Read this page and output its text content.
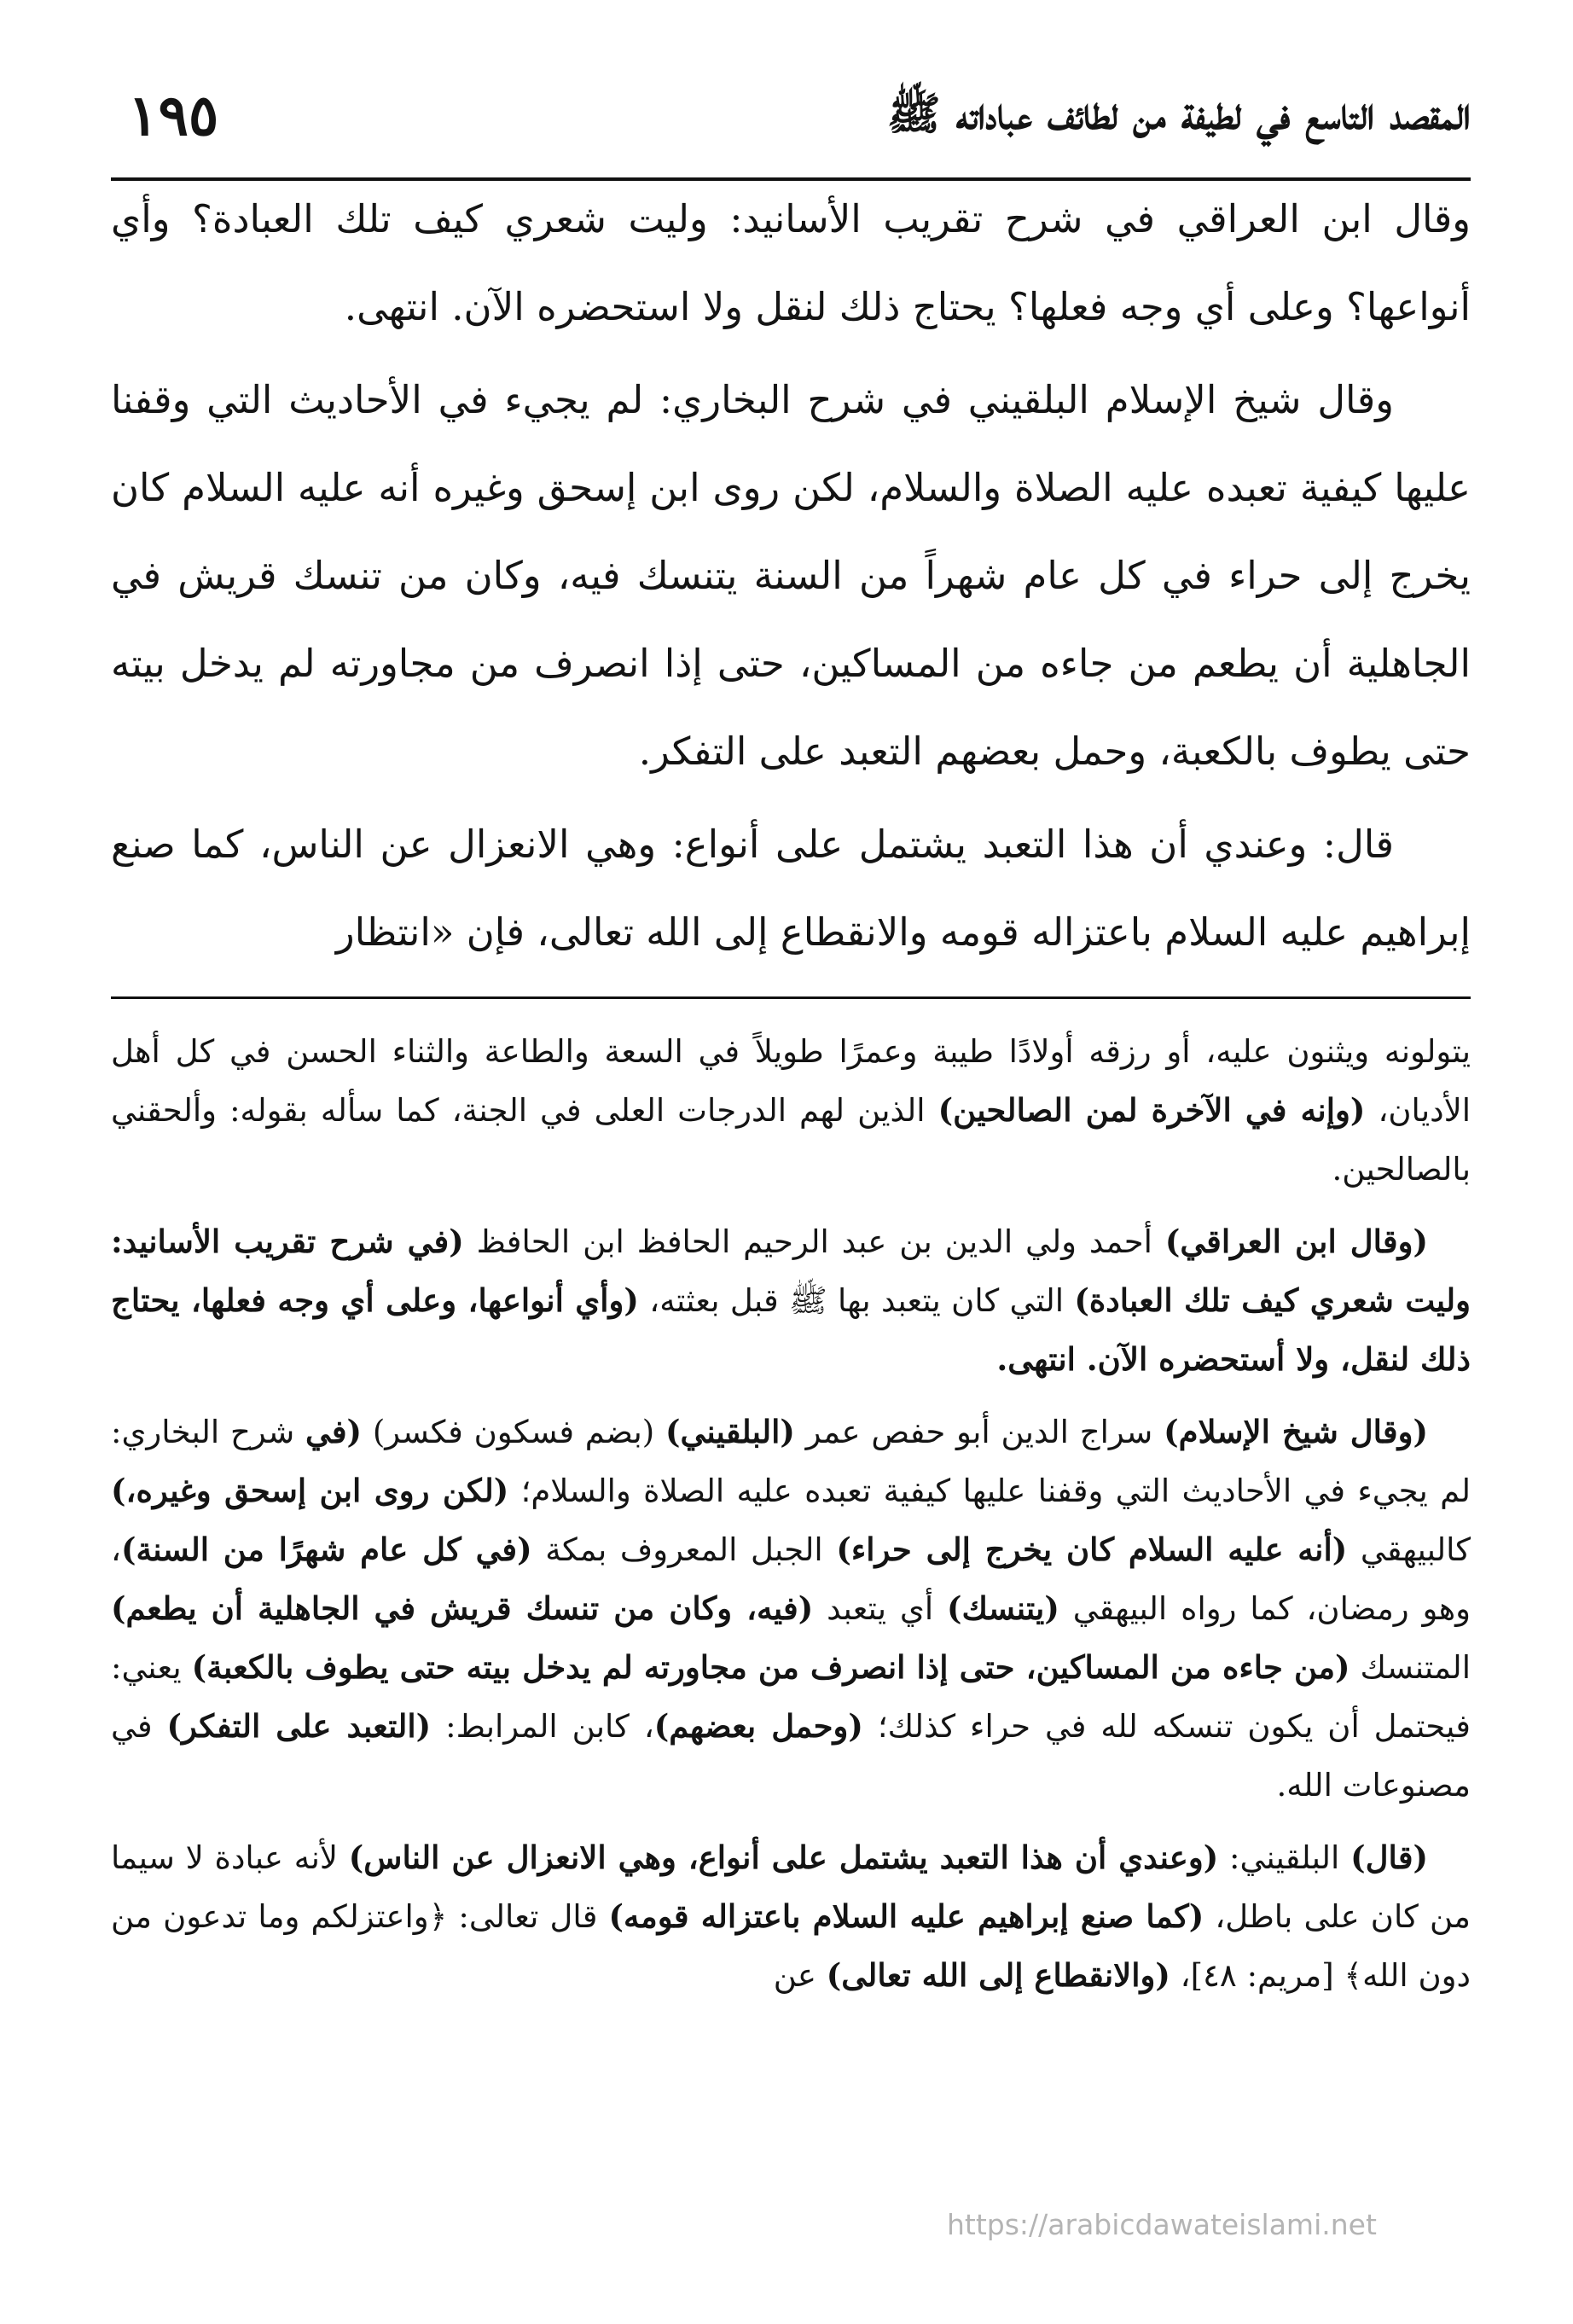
١٩٥	المقصد التاسع في لطيفة من لطائف عباداته ﷺ

وقال ابن العراقي في شرح تقريب الأسانيد: وليت شعري كيف تلك العبادة؟ وأي أنواعها؟ وعلى أي وجه فعلها؟ يحتاج ذلك لنقل ولا استحضره الآن. انتهى.

وقال شيخ الإسلام البلقيني في شرح البخاري: لم يجيء في الأحاديث التي وقفنا عليها كيفية تعبده عليه الصلاة والسلام، لكن روى ابن إسحق وغيره أنه عليه السلام كان يخرج إلى حراء في كل عام شهراً من السنة يتنسك فيه، وكان من تنسك قريش في الجاهلية أن يطعم من جاءه من المساكين، حتى إذا انصرف من مجاورته لم يدخل بيته حتى يطوف بالكعبة، وحمل بعضهم التعبد على التفكر.

قال: وعندي أن هذا التعبد يشتمل على أنواع: وهي الانعزال عن الناس، كما صنع إبراهيم عليه السلام باعتزاله قومه والانقطاع إلى الله تعالى، فإن «انتظار

يتولونه ويثنون عليه، أو رزقه أولادًا طيبة وعمرًا طويلاً في السعة والطاعة والثناء الحسن في كل أهل الأديان، (وإنه في الآخرة لمن الصالحين) الذين لهم الدرجات العلى في الجنة، كما سأله بقوله: وألحقني بالصالحين.

(وقال ابن العراقي) أحمد ولي الدين بن عبد الرحيم الحافظ ابن الحافظ (في شرح تقريب الأسانيد: وليت شعري كيف تلك العبادة) التي كان يتعبد بها ﷺ قبل بعثته، (وأي أنواعها، وعلى أي وجه فعلها، يحتاج ذلك لنقل، ولا أستحضره الآن. انتهى.

(وقال شيخ الإسلام) سراج الدين أبو حفص عمر (البلقيني) (بضم فسكون فكسر) (في شرح البخاري: لم يجيء في الأحاديث التي وقفنا عليها كيفية تعبده عليه الصلاة والسلام؛ (لكن روى ابن إسحق وغيره،) كالبيهقي (أنه عليه السلام كان يخرج إلى حراء) الجبل المعروف بمكة (في كل عام شهرًا من السنة)، وهو رمضان، كما رواه البيهقي (يتنسك) أي يتعبد (فيه، وكان من تنسك قريش في الجاهلية أن يطعم) المتنسك (من جاءه من المساكين، حتى إذا انصرف من مجاورته لم يدخل بيته حتى يطوف بالكعبة) يعني: فيحتمل أن يكون تنسكه لله في حراء كذلك؛ (وحمل بعضهم)، كابن المرابط: (التعبد على التفكر) في مصنوعات الله.

(قال) البلقيني: (وعندي أن هذا التعبد يشتمل على أنواع، وهي الانعزال عن الناس) لأنه عبادة لا سيما من كان على باطل، (كما صنع إبراهيم عليه السلام باعتزاله قومه) قال تعالى: ﴿واعتزلكم وما تدعون من دون الله﴾ [مريم: ٤٨]، (والانقطاع إلى الله تعالى) عن

https://arabicdawateislami.net
